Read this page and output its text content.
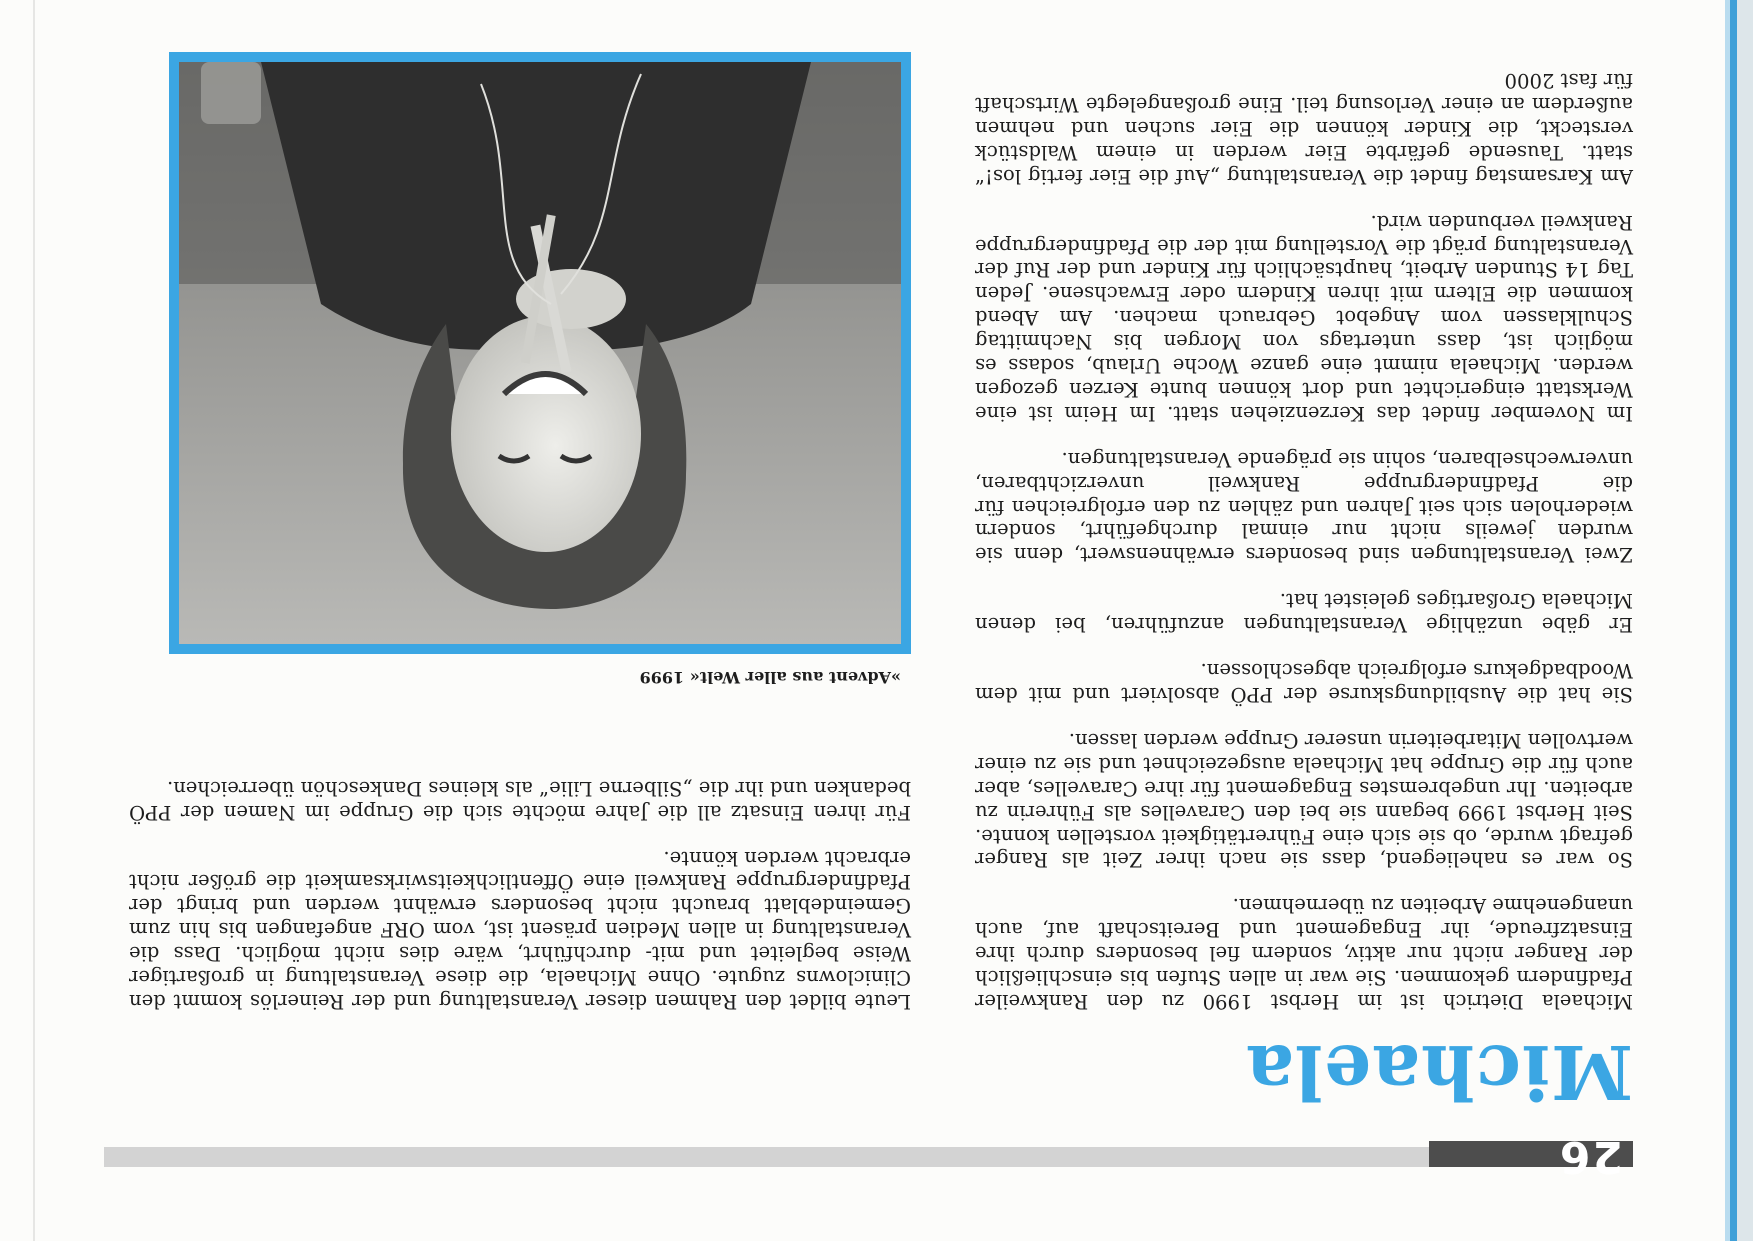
26
Michaela

Michaela Dietrich ist im Herbst 1990 zu den Rankweiler Pfadfindern gekommen. Sie war in allen Stufen bis einschließlich der Ranger nicht nur aktiv, sondern fiel besonders durch ihre Einsatzfreude, ihr Engagement und Bereitschaft auf, auch unangenehme Arbeiten zu übernehmen.

So war es naheliegend, dass sie nach ihrer Zeit als Ranger gefragt wurde, ob sie sich eine Führertätigkeit vorstellen konnte. Seit Herbst 1999 begann sie bei den Caravelles als Führerin zu arbeiten. Ihr ungebremstes Engagement für ihre Caravelles, aber auch für die Gruppe hat Michaela ausgezeichnet und sie zu einer wertvollen Mitarbeiterin unserer Gruppe werden lassen.

Sie hat die Ausbildungskurse der PPÖ absolviert und mit dem Woodbadgekurs erfolgreich abgeschlossen.

Er gäbe unzählige Veranstaltungen anzuführen, bei denen Michaela Großartiges geleistet hat.

Zwei Veranstaltungen sind besonders erwähnenswert, denn sie wurden jeweils nicht nur einmal durchgeführt, sondern wiederholen sich seit Jahren und zählen zu den erfolgreichen für die Pfadfindergruppe Rankweil unverzichtbaren, unverwechselbaren, sohin sie prägende Veranstaltungen.

Im November findet das Kerzenziehen statt. Im Heim ist eine Werkstatt eingerichtet und dort können bunte Kerzen gezogen werden. Michaela nimmt eine ganze Woche Urlaub, sodass es möglich ist, dass untertags von Morgen bis Nachmittag Schulklassen vom Angebot Gebrauch machen. Am Abend kommen die Eltern mit ihren Kindern oder Erwachsene. Jeden Tag 14 Stunden Arbeit, hauptsächlich für Kinder und der Ruf der Veranstaltung prägt die Vorstellung mit der die Pfadfindergruppe Rankweil verbunden wird.

Am Karsamstag findet die Veranstaltung „Auf die Eier fertig los!“ statt. Tausende gefärbte Eier werden in einem Waldstück versteckt, die Kinder können die Eier suchen und nehmen außerdem an einer Verlosung teil. Eine großangelegte Wirtschaft für fast 2000

Leute bildet den Rahmen dieser Veranstaltung und der Reinerlös kommt den Cliniclowns zugute. Ohne Michaela, die diese Veranstaltung in großartiger Weise begleitet und mit- durchführt, wäre dies nicht möglich. Dass die Veranstaltung in allen Medien präsent ist, vom ORF angefangen bis hin zum Gemeindeblatt braucht nicht besonders erwähnt werden und bringt der Pfadfindergruppe Rankweil eine Öffentlichkeitswirksamkeit die größer nicht erbracht werden könnte.

Für ihren Einsatz all die Jahre möchte sich die Gruppe im Namen der PPÖ bedanken und ihr die „Silberne Lilie“ als kleines Dankeschön überreichen.

»Advent aus aller Welt« 1999
